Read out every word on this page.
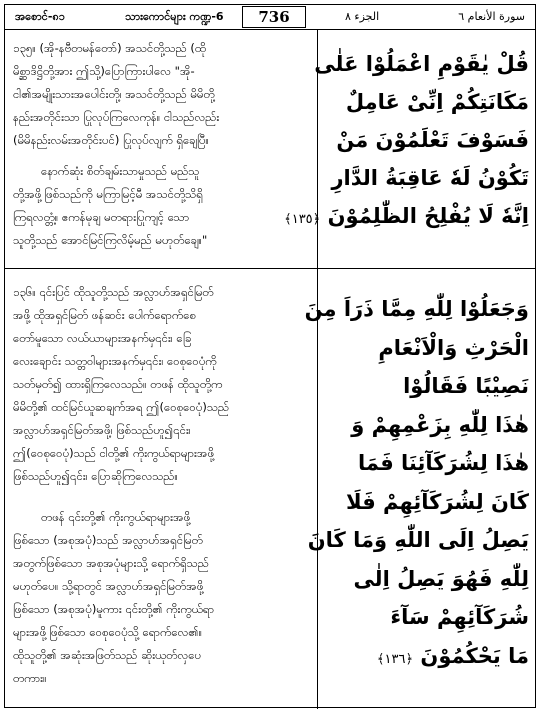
အစောင်-၈၁	သားကောင်များ ကဏ္ဍ-6	736	الجزء ٨	سورة الأنعام ٦
၁၃၅။ (အို-နဗီတမန်တော်) အသင်တို့သည် (ထို
မိစ္ဆာဒိဋ္ဌိတို့အား ဤသို့)ပြောကြားပါလေ "အို-
ငါ၏အမျိုးသားအပေါင်းတို့၊ အသင်တို့သည် မိမိတို့
နည်းအတိုင်းသာ ပြုလုပ်ကြလေကုန်။ ငါသည်လည်း
(မိမိနည်းလမ်းအတိုင်းပင်) ပြုလုပ်လျက် ရှိချေပြီ။
နောက်ဆုံး စိတ်ချမ်းသာမှုသည် မည်သူ
တို့အဖို့ဖြစ်သည်ကို မကြာမြင့်မီ အသင်တို့သိရှိ
ကြရလတ္တံ့။ ဧကန်မုချ မတရားပြုကျင့် သော
သူတို့သည် အောင်မြင်ကြလိမ့်မည် မဟုတ်ချေ။"
၁၃၆။ ၎င်းပြင် ထိုသူတို့သည် အလ္လာဟ်အရှင်မြတ်
အဖို့ ထိုအရှင်မြတ် ဖန်ဆင်း ပေါက်ရောက်စေ
တော်မူသော လယ်ယာများအနက်မှ၎င်း၊ ခြေ
လေးချောင်း သတ္တဝါများအနက်မှ၎င်း၊ ဝေစုဝေပုံကို
သတ်မှတ်၍ ထားရှိကြလေသည်။ တဖန် ထိုသူတို့က
မိမိတို့၏ ထင်မြင်ယူဆချက်အရ ဤ(ဝေစုဝေပုံ)သည်
အလ္လာဟ်အရှင်မြတ်အဖို့၊ ဖြစ်သည်ဟူ၍၎င်း၊
ဤ(ဝေစုဝေပုံ)သည် ငါတို့၏ ကိုးကွယ်ရာများအဖို့
ဖြစ်သည်ဟူ၍၎င်း၊ ပြောဆိုကြလေသည်။
တဖန် ၎င်းတို့၏ ကိုးကွယ်ရာများအဖို့
ဖြစ်သော (အစုအပုံ)သည် အလ္လာဟ်အရှင်မြတ်
အတွက်ဖြစ်သော အစုအပုံများသို့ ရောက်ရှိသည်
မဟုတ်ပေ။ သို့ရာတွင် အလ္လာဟ်အရှင်မြတ်အဖို့
ဖြစ်သော (အစုအပုံ)မူကား ၎င်းတို့၏ ကိုးကွယ်ရာ
များအဖို့ဖြစ်သော ဝေစုဝေပုံသို့ ရောက်လေ၏။
ထိုသူတို့၏ အဆုံးအဖြတ်သည် ဆိုးယုတ်လှပေ
တကား။
قُلْ يٰقَوْمِ اعْمَلُوْا عَلٰى
مَكَانَتِكُمْ اِنِّىْ عَامِلٌ
فَسَوْفَ تَعْلَمُوْنَ مَنْ
تَكُوْنُ لَهٗ عَاقِبَةُ الدَّارِ
اِنَّهٗ لَا يُفْلِحُ الظّٰلِمُوْنَ ﴿١٣٥﴾
وَجَعَلُوْا لِلّٰهِ مِمَّا ذَرَاَ مِنَ
الْحَرْثِ وَالْاَنْعَامِ
نَصِيْبًا فَقَالُوْا
هٰذَا لِلّٰهِ بِزَعْمِهِمْ وَ
هٰذَا لِشُرَكَآئِنَا فَمَا
كَانَ لِشُرَكَآئِهِمْ فَلَا
يَصِلُ اِلَى اللّٰهِ وَمَا كَانَ
لِلّٰهِ فَهُوَ يَصِلُ اِلٰى
شُرَكَآئِهِمْ سَآءَ
مَا يَحْكُمُوْنَ ﴿١٣٦﴾
